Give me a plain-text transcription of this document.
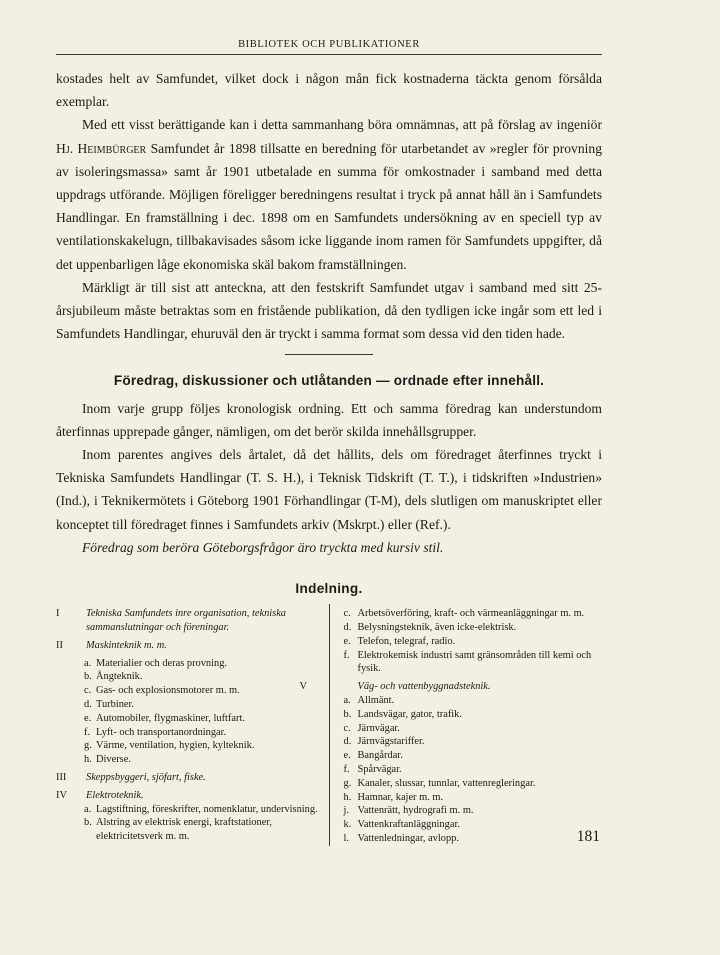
BIBLIOTEK OCH PUBLIKATIONER

kostades helt av Samfundet, vilket dock i någon mån fick kostnaderna täckta genom försålda exemplar.

Med ett visst berättigande kan i detta sammanhang böra omnämnas, att på förslag av ingeniör Hj. Heimbürger Samfundet år 1898 tillsatte en beredning för utarbetandet av »regler för provning av isoleringsmassa» samt år 1901 utbetalade en summa för omkostnader i samband med detta uppdrags utförande. Möjligen föreligger beredningens resultat i tryck på annat håll än i Samfundets Handlingar. En framställning i dec. 1898 om en Samfundets undersökning av en speciell typ av ventilationskakelugn, tillbakavisades såsom icke liggande inom ramen för Samfundets uppgifter, då det uppenbarligen låge ekonomiska skäl bakom framställningen.

Märkligt är till sist att anteckna, att den festskrift Samfundet utgav i samband med sitt 25-årsjubileum måste betraktas som en fristående publikation, då den tydligen icke ingår som ett led i Samfundets Handlingar, ehuruväl den är tryckt i samma format som dessa vid den tiden hade.

Föredrag, diskussioner och utlåtanden — ordnade efter innehåll.

Inom varje grupp följes kronologisk ordning. Ett och samma föredrag kan understundom återfinnas upprepade gånger, nämligen, om det berör skilda innehållsgrupper.

Inom parentes angives dels årtalet, då det hållits, dels om föredraget återfinnes tryckt i Tekniska Samfundets Handlingar (T. S. H.), i Teknisk Tidskrift (T. T.), i tidskriften »Industrien» (Ind.), i Teknikermötets i Göteborg 1901 Förhandlingar (T-M), dels slutligen om manuskriptet eller konceptet till föredraget finnes i Samfundets arkiv (Mskrpt.) eller (Ref.).

Föredrag som beröra Göteborgsfrågor äro tryckta med kursiv stil.

Indelning.
I	Tekniska Samfundets inre organisation, tekniska sammanslutningar och föreningar.
II Maskinteknik m. m.
a. Materialier och deras provning.
b. Ångteknik.
c. Gas- och explosionsmotorer m. m.
d. Turbiner.
e. Automobiler, flygmaskiner, luftfart.
f. Lyft- och transportanordningar.
g. Värme, ventilation, hygien, kylteknik.
h. Diverse.
III Skeppsbyggeri, sjöfart, fiske.
IV Elektroteknik.
a. Lagstiftning, föreskrifter, nomenklatur, undervisning.
b. Alstring av elektrisk energi, kraftstationer, elektricitetsverk m. m.
c. Arbetsöverföring, kraft- och värmeanläggningar m. m.
d. Belysningsteknik, även icke-elektrisk.
e. Telefon, telegraf, radio.
f. Elektrokemisk industri samt gränsområden till kemi och fysik.
V	Väg- och vattenbyggnadsteknik.
a. Allmänt.
b. Landsvägar, gator, trafik.
c. Järnvägar.
d. Järnvägstariffer.
e. Bangårdar.
f. Spårvägar.
g. Kanaler, slussar, tunnlar, vattenregleringar.
h. Hamnar, kajer m. m.
j. Vattenrätt, hydrografi m. m.
k. Vattenkraftanläggningar.
l. Vattenledningar, avlopp.	181
